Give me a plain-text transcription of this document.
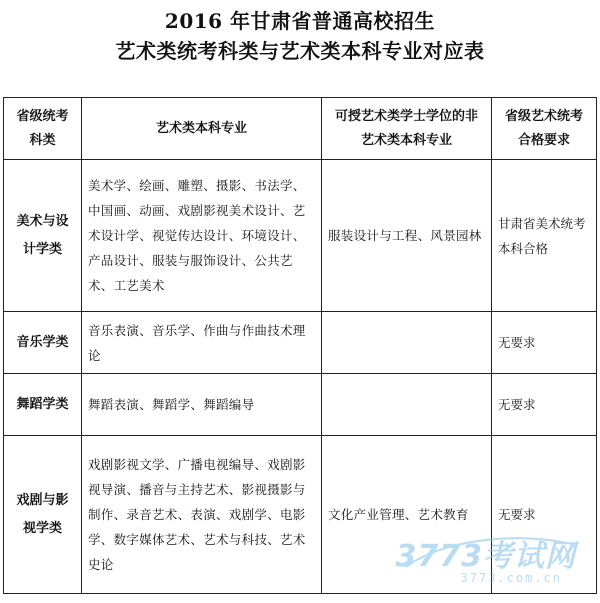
2016 年甘肃省普通高校招生
艺术类统考科类与艺术类本科专业对应表
省级统考科类	艺术类本科专业	可授艺术类学士学位的非艺术类本科专业	省级艺术统考合格要求
美术与设计学类	美术学、绘画、雕塑、摄影、书法学、中国画、动画、戏剧影视美术设计、艺术设计学、视觉传达设计、环境设计、产品设计、服装与服饰设计、公共艺术、工艺美术	服装设计与工程、风景园林	甘肃省美术统考本科合格
音乐学类	音乐表演、音乐学、作曲与作曲技术理论		无要求
舞蹈学类	舞蹈表演、舞蹈学、舞蹈编导		无要求
戏剧与影视学类	戏剧影视文学、广播电视编导、戏剧影视导演、播音与主持艺术、影视摄影与制作、录音艺术、表演、戏剧学、电影学、数字媒体艺术、艺术与科技、艺术史论	文化产业管理、艺术教育	无要求
3773考试网
3773.com.cn
